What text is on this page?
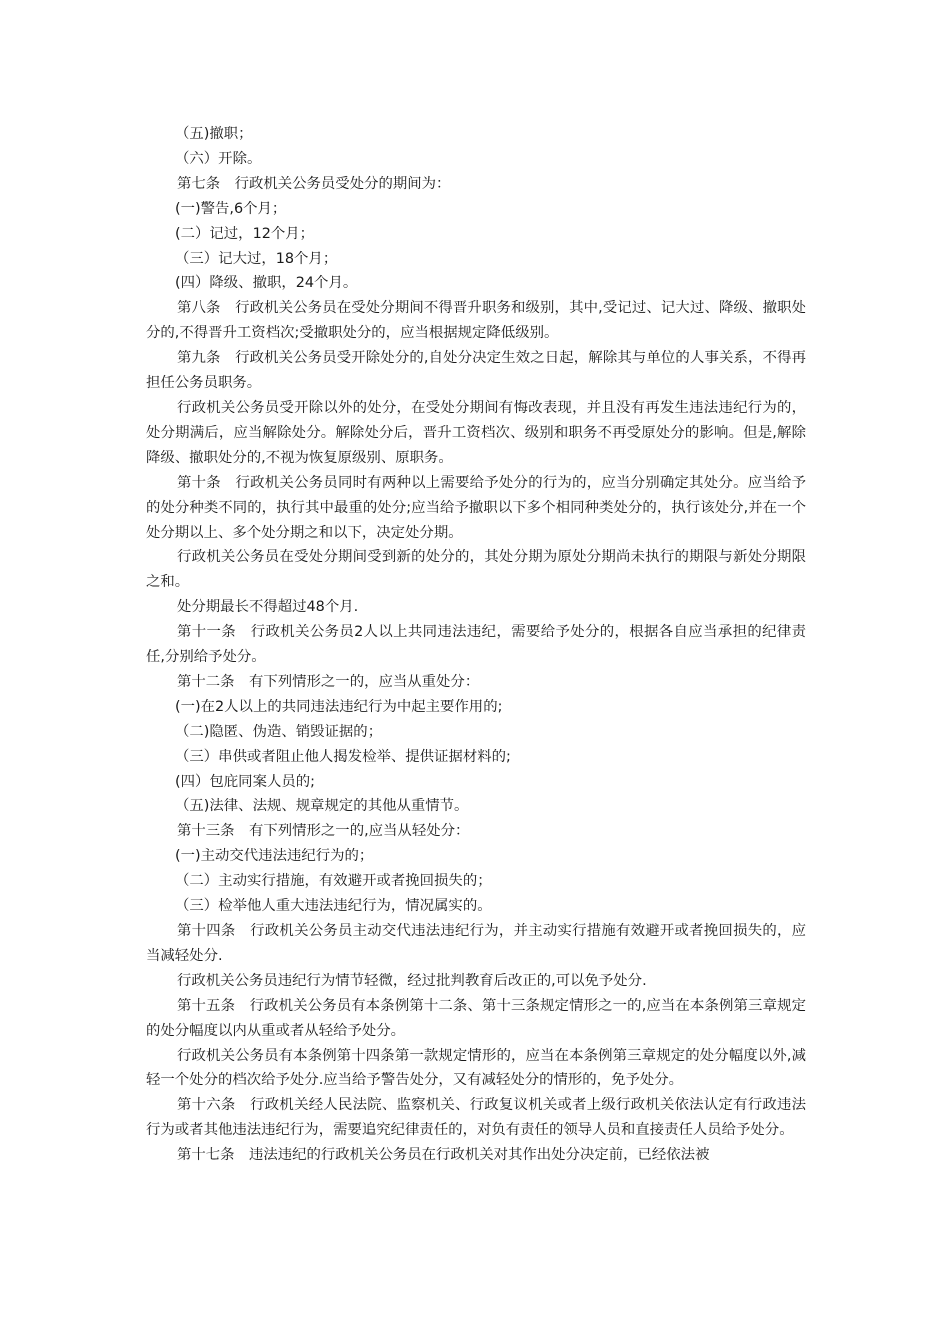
（五)撤职；

（六）开除。

第七条　行政机关公务员受处分的期间为：

(一)警告,6个月；

(二）记过，12个月；

（三）记大过，18个月；

(四）降级、撤职，24个月。

第八条　行政机关公务员在受处分期间不得晋升职务和级别，其中,受记过、记大过、降级、撤职处分的,不得晋升工资档次;受撤职处分的，应当根据规定降低级别。

第九条　行政机关公务员受开除处分的,自处分决定生效之日起，解除其与单位的人事关系，不得再担任公务员职务。

行政机关公务员受开除以外的处分，在受处分期间有悔改表现，并且没有再发生违法违纪行为的，处分期满后，应当解除处分。解除处分后，晋升工资档次、级别和职务不再受原处分的影响。但是,解除降级、撤职处分的,不视为恢复原级别、原职务。

第十条　行政机关公务员同时有两种以上需要给予处分的行为的，应当分别确定其处分。应当给予的处分种类不同的，执行其中最重的处分;应当给予撤职以下多个相同种类处分的，执行该处分,并在一个处分期以上、多个处分期之和以下，决定处分期。

行政机关公务员在受处分期间受到新的处分的，其处分期为原处分期尚未执行的期限与新处分期限之和。

处分期最长不得超过48个月.

第十一条　行政机关公务员2人以上共同违法违纪，需要给予处分的，根据各自应当承担的纪律责任,分别给予处分。

第十二条　有下列情形之一的，应当从重处分：

(一)在2人以上的共同违法违纪行为中起主要作用的;

（二)隐匿、伪造、销毁证据的；

（三）串供或者阻止他人揭发检举、提供证据材料的;

(四）包庇同案人员的;

（五)法律、法规、规章规定的其他从重情节。

第十三条　有下列情形之一的,应当从轻处分：

(一)主动交代违法违纪行为的；

（二）主动实行措施，有效避开或者挽回损失的；

（三）检举他人重大违法违纪行为，情况属实的。

第十四条　行政机关公务员主动交代违法违纪行为，并主动实行措施有效避开或者挽回损失的，应当减轻处分.

行政机关公务员违纪行为情节轻微，经过批判教育后改正的,可以免予处分.

第十五条　行政机关公务员有本条例第十二条、第十三条规定情形之一的,应当在本条例第三章规定的处分幅度以内从重或者从轻给予处分。

行政机关公务员有本条例第十四条第一款规定情形的，应当在本条例第三章规定的处分幅度以外,减轻一个处分的档次给予处分.应当给予警告处分，又有减轻处分的情形的，免予处分。

第十六条　行政机关经人民法院、监察机关、行政复议机关或者上级行政机关依法认定有行政违法行为或者其他违法违纪行为，需要追究纪律责任的，对负有责任的领导人员和直接责任人员给予处分。

第十七条　违法违纪的行政机关公务员在行政机关对其作出处分决定前，已经依法被
